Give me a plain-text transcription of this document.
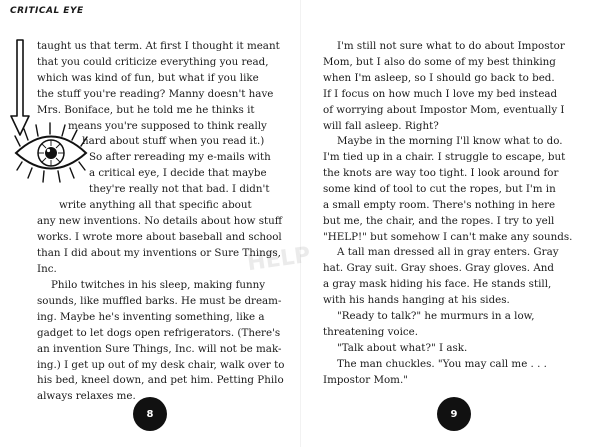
CRITICAL EYE
taught us that term. At first I thought it meant
that you could criticize everything you read,
which was kind of fun, but what if you like
the stuff you're reading? Manny doesn't have
Mrs. Boniface, but he told me he thinks it
means you're supposed to think really
hard about stuff when you read it.)
So after rereading my e-mails with
a critical eye, I decide that maybe
they're really not that bad. I didn't
write anything all that specific about
any new inventions. No details about how stuff
works. I wrote more about baseball and school
than I did about my inventions or Sure Things,
Inc.
Philo twitches in his sleep, making funny
sounds, like muffled barks. He must be dream-
ing. Maybe he's inventing something, like a
gadget to let dogs open refrigerators. (There's
an invention Sure Things, Inc. will not be mak-
ing.) I get up out of my desk chair, walk over to
his bed, kneel down, and pet him. Petting Philo
always relaxes me.
8
I'm still not sure what to do about Impostor
Mom, but I also do some of my best thinking
when I'm asleep, so I should go back to bed.
If I focus on how much I love my bed instead
of worrying about Impostor Mom, eventually I
will fall asleep. Right?
Maybe in the morning I'll know what to do.
I'm tied up in a chair. I struggle to escape, but
the knots are way too tight. I look around for
some kind of tool to cut the ropes, but I'm in
a small empty room. There's nothing in here
but me, the chair, and the ropes. I try to yell
"HELP!" but somehow I can't make any sounds.
A tall man dressed all in gray enters. Gray
hat. Gray suit. Gray shoes. Gray gloves. And
a gray mask hiding his face. He stands still,
with his hands hanging at his sides.
"Ready to talk?" he murmurs in a low,
threatening voice.
"Talk about what?" I ask.
The man chuckles. "You may call me . . .
Impostor Mom."
9
HELP
